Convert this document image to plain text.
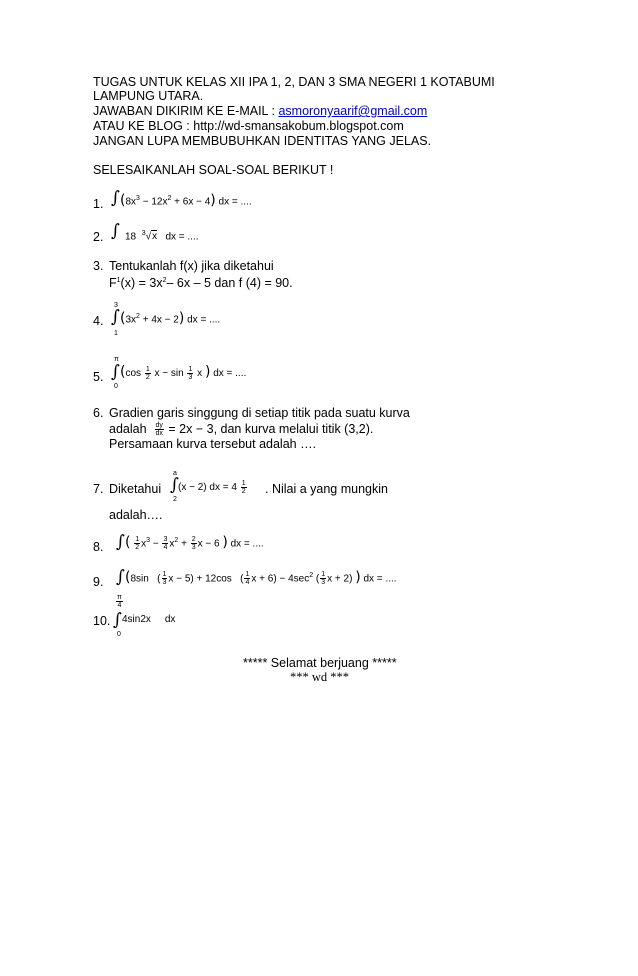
TUGAS UNTUK KELAS XII IPA 1, 2, DAN 3 SMA NEGERI 1 KOTABUMI
LAMPUNG UTARA.
JAWABAN DIKIRIM KE E-MAIL : asmoronyaarif@gmail.com
ATAU KE BLOG : http://wd-smansakobum.blogspot.com
JANGAN LUPA MEMBUBUHKAN IDENTITAS YANG JELAS.
SELESAIKANLAH SOAL-SOAL BERIKUT !
1. ∫ $(8x^3 - 12x^2 + 6x - 4)$ dx = ....
2. ∫ 18 $^3$√x dx = ....
3. Tentukanlah f(x) jika diketahui
$F^1(x) = 3x^2-$ 6x – 5 dan f (4) = 90.
4.
3
∫
1
$(3x^2 + 4x - 2)$ dx = ....
5.
π
∫
0
($\cos \frac{1}{2}$ $x - \sin \frac{1}{3}$ x ) dx = ....
6. Gradien garis singgung di setiap titik pada suatu kurva
adalah $\frac{dy}{dx} = 2x - 3$, dan kurva melalui titik (3,2).
Persamaan kurva tersebut adalah ….
7. Diketahui
a
∫
2
(x − 2) dx = $4 \frac{1}{2}$ . Nilai a yang mungkin
adalah….
8. ∫ ( $\frac{1}{2} x^3 - \frac{3}{4} x^2 + \frac{2}{3}$ x − 6 ) dx = ....
9. ∫ (8sin ( $\frac{1}{3}$ x − 5) + 12cos ( $\frac{1}{4}$ $x + 6) - 4\sec^2$ ( $\frac{1}{3}$ x + 2) ) dx = ....
10.
$\frac{\pi}{4}$
∫
0
4sin2x dx
***** Selamat berjuang *****
*** wd ***
